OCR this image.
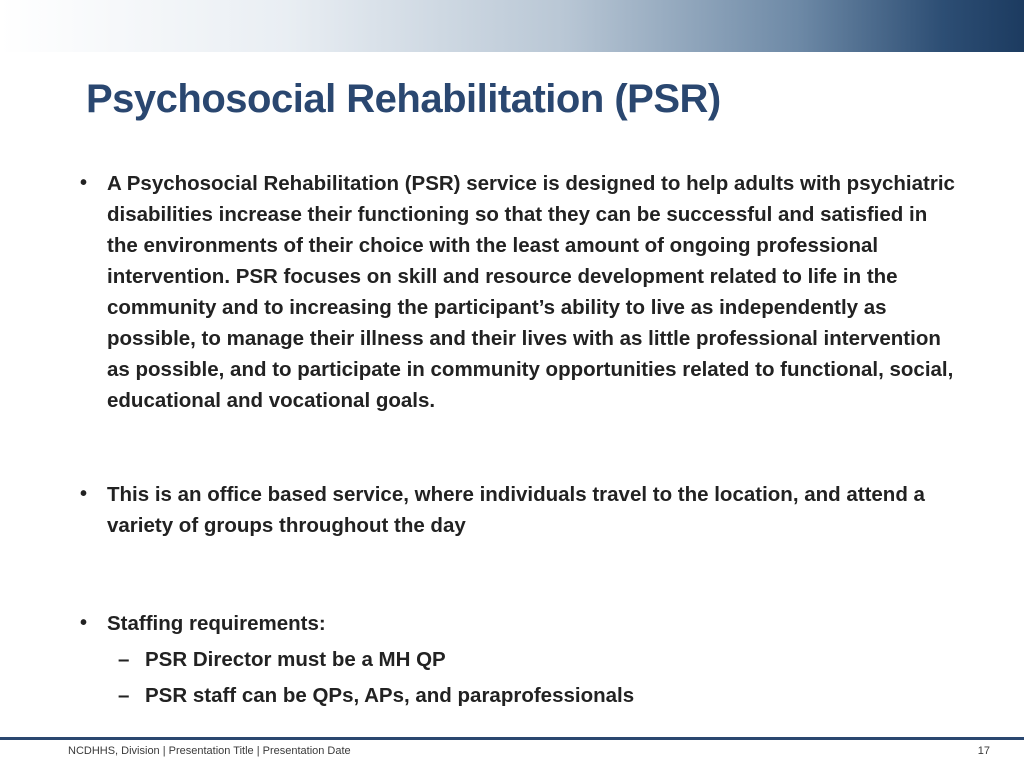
Psychosocial Rehabilitation (PSR)
• A Psychosocial Rehabilitation (PSR) service is designed to help adults with psychiatric disabilities increase their functioning so that they can be successful and satisfied in the environments of their choice with the least amount of ongoing professional intervention. PSR focuses on skill and resource development related to life in the community and to increasing the participant’s ability to live as independently as possible, to manage their illness and their lives with as little professional intervention as possible, and to participate in community opportunities related to functional, social, educational and vocational goals.
• This is an office based service, where individuals travel to the location, and attend a variety of groups throughout the day
• Staffing requirements:
– PSR Director must be a MH QP
– PSR staff can be QPs, APs, and paraprofessionals
NCDHHS, Division | Presentation Title | Presentation Date	17
